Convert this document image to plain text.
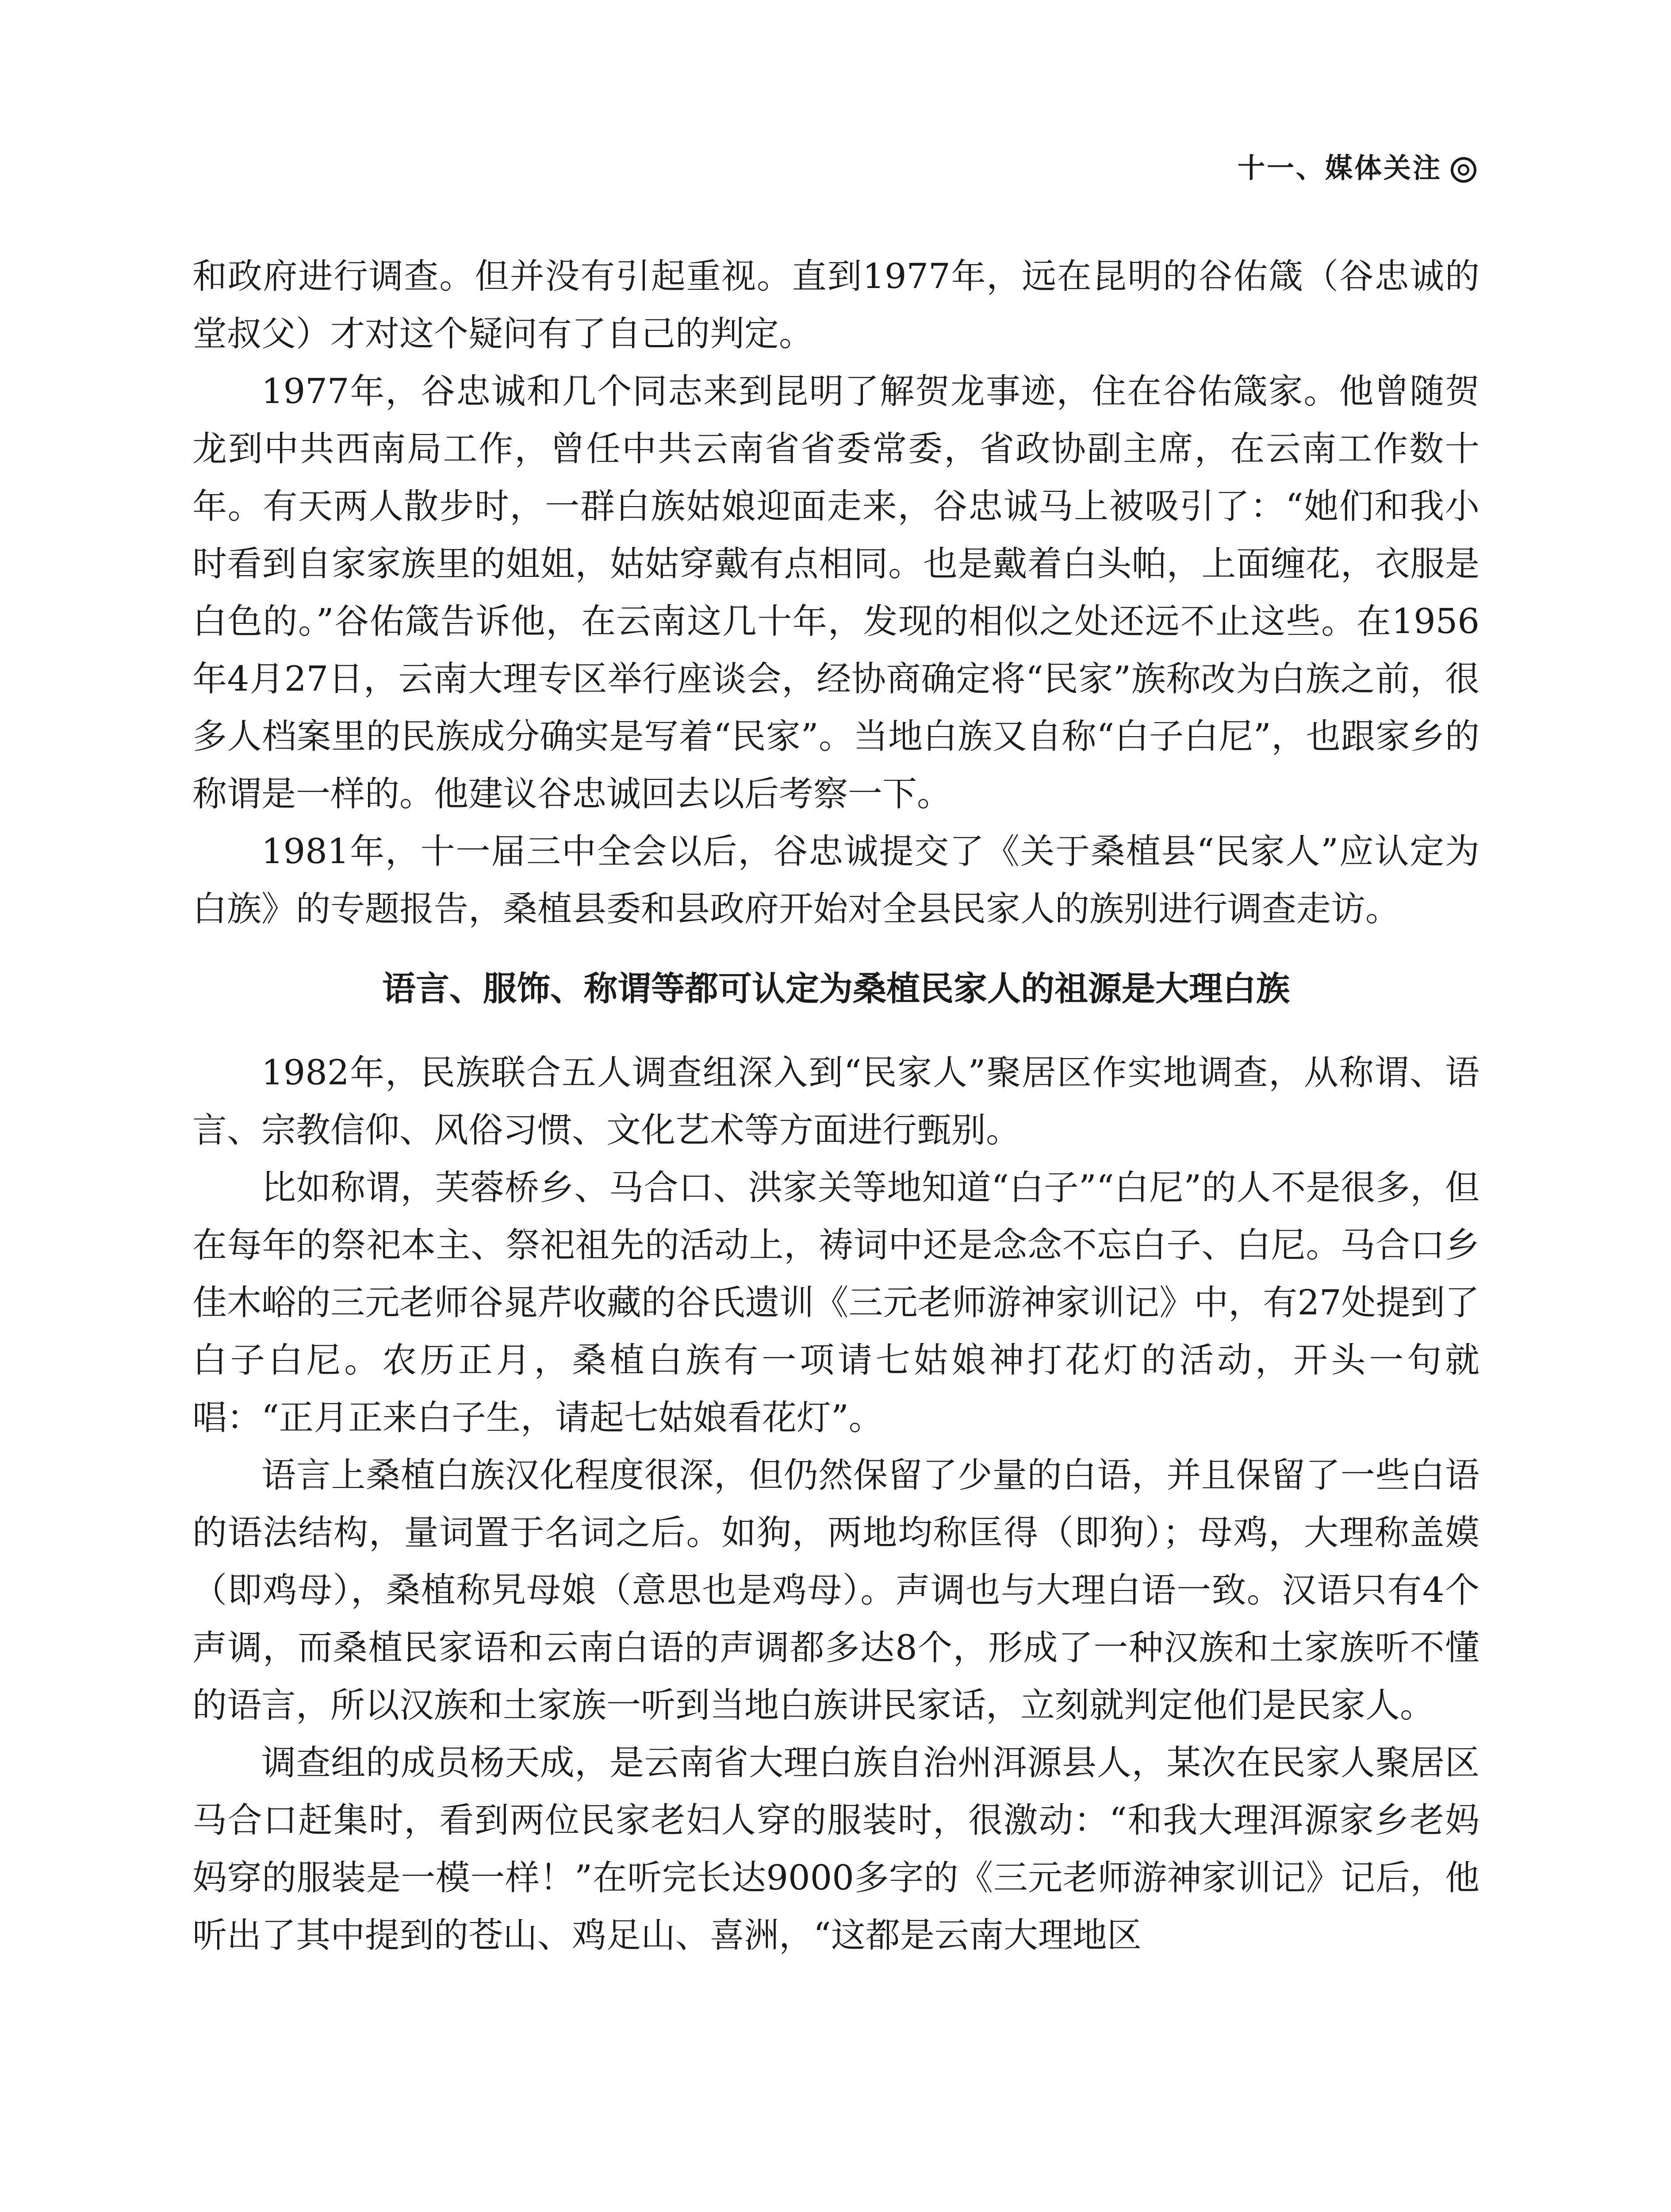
十一、媒体关注

和政府进行调查。但并没有引起重视。直到1977年，远在昆明的谷佑箴（谷忠诚的堂叔父）才对这个疑问有了自己的判定。

1977年，谷忠诚和几个同志来到昆明了解贺龙事迹，住在谷佑箴家。他曾随贺龙到中共西南局工作，曾任中共云南省省委常委，省政协副主席，在云南工作数十年。有天两人散步时，一群白族姑娘迎面走来，谷忠诚马上被吸引了：“她们和我小时看到自家家族里的姐姐，姑姑穿戴有点相同。也是戴着白头帕，上面缠花，衣服是白色的。”谷佑箴告诉他，在云南这几十年，发现的相似之处还远不止这些。在1956年4月27日，云南大理专区举行座谈会，经协商确定将“民家”族称改为白族之前，很多人档案里的民族成分确实是写着“民家”。当地白族又自称“白子白尼”，也跟家乡的称谓是一样的。他建议谷忠诚回去以后考察一下。

1981年，十一届三中全会以后，谷忠诚提交了《关于桑植县“民家人”应认定为白族》的专题报告，桑植县委和县政府开始对全县民家人的族别进行调查走访。

语言、服饰、称谓等都可认定为桑植民家人的祖源是大理白族

1982年，民族联合五人调查组深入到“民家人”聚居区作实地调查，从称谓、语言、宗教信仰、风俗习惯、文化艺术等方面进行甄别。

比如称谓，芙蓉桥乡、马合口、洪家关等地知道“白子”“白尼”的人不是很多，但在每年的祭祀本主、祭祀祖先的活动上，祷词中还是念念不忘白子、白尼。马合口乡佳木峪的三元老师谷晁芹收藏的谷氏遗训《三元老师游神家训记》中，有27处提到了白子白尼。农历正月，桑植白族有一项请七姑娘神打花灯的活动，开头一句就唱：“正月正来白子生，请起七姑娘看花灯”。

语言上桑植白族汉化程度很深，但仍然保留了少量的白语，并且保留了一些白语的语法结构，量词置于名词之后。如狗，两地均称匡得（即狗）；母鸡，大理称盖嫫（即鸡母），桑植称旯母娘（意思也是鸡母）。声调也与大理白语一致。汉语只有4个声调，而桑植民家语和云南白语的声调都多达8个，形成了一种汉族和土家族听不懂的语言，所以汉族和土家族一听到当地白族讲民家话，立刻就判定他们是民家人。

调查组的成员杨天成，是云南省大理白族自治州洱源县人，某次在民家人聚居区马合口赶集时，看到两位民家老妇人穿的服装时，很激动：“和我大理洱源家乡老妈妈穿的服装是一模一样！”在听完长达9000多字的《三元老师游神家训记》记后，他听出了其中提到的苍山、鸡足山、喜洲，“这都是云南大理地区
